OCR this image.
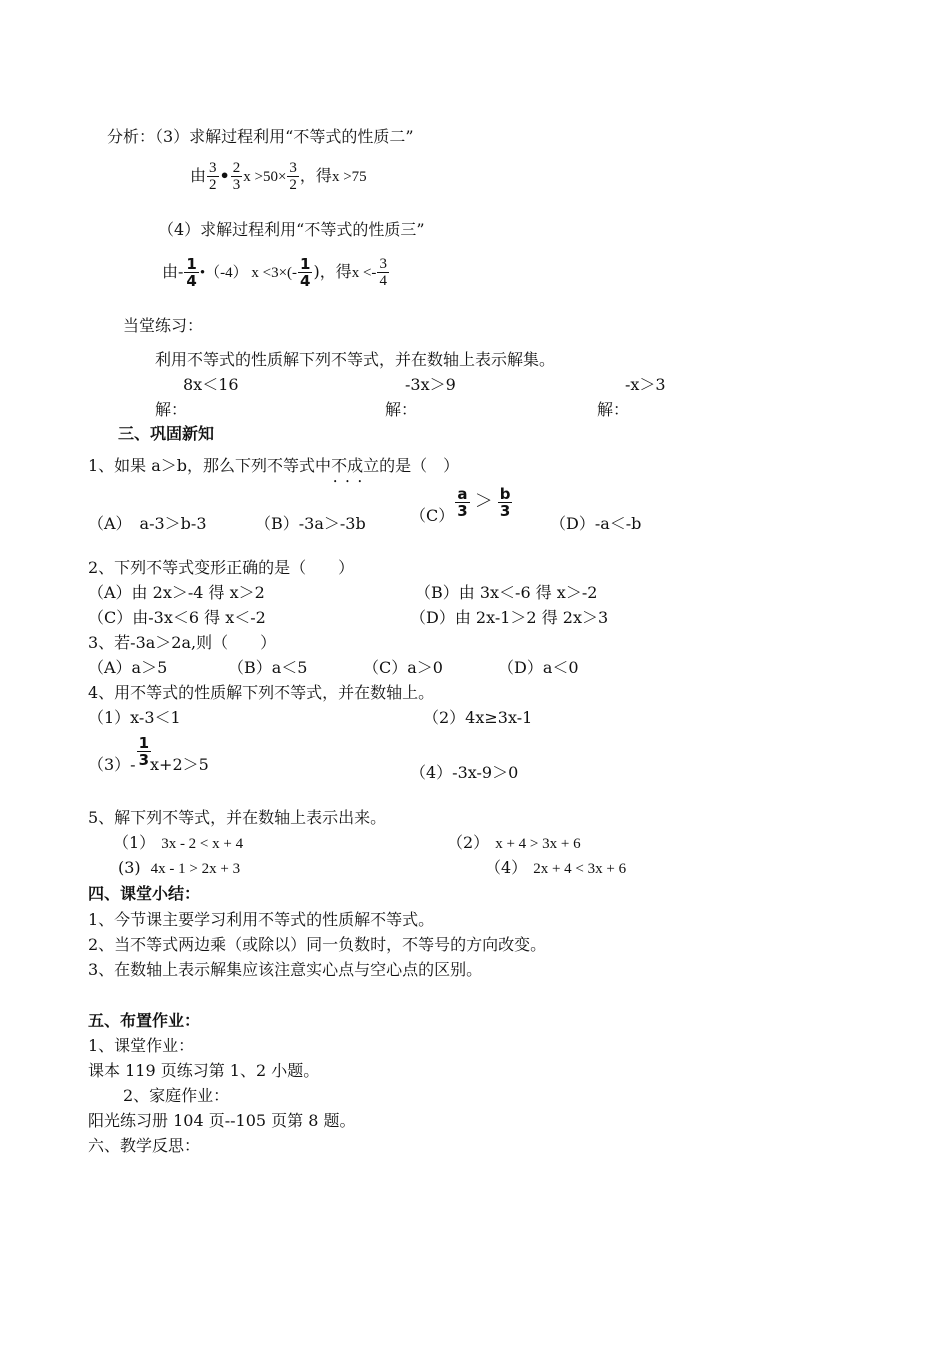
分析：（3）求解过程利用“不等式的性质二”
由 $\frac{3}{2}$ • $\frac{2}{3}$ $x >50\times \frac{3}{2}$ ，得x >75
（4）求解过程利用“不等式的性质三”
由- $\frac{1}{4}$ •（-4） $x <3\times(- \frac{1}{4}$ )，得$x <- \frac{3}{4}$
当堂练习：
利用不等式的性质解下列不等式，并在数轴上表示解集。
8x＜16	-3x＞9	-x＞3
解：	解：	解：
三、巩固新知
1、如果 a＞b，那么下列不等式中不成立 • • •的是（　）
（A）　a-3＞b-3	（B）-3a＞-3b	$(C) \frac{a}{3} > \frac{b}{3}$
（D）-a＜-b
2、下列不等式变形正确的是（　　）
（A）由 2x＞-4 得 x＞2	（B）由 3x＜-6 得 x＞-2
（C）由-3x＜6 得 x＜-2	（D）由 2x-1＞2 得 2x＞3
3、若-3a＞2a,则（　　）
（A）a＞5	（B）a＜5	（C）a＞0	（D）a＜0
4、用不等式的性质解下列不等式，并在数轴上。
（1）x-3＜1	（2）4x≥3x-1
$(3)- \frac{1}{3} x+2>5$	（4）-3x-9＞0
5、解下列不等式，并在数轴上表示出来。
（1） 3x - 2 < x + 4	（2） x + 4 > 3x + 6
(3) 4x - 1 > 2x + 3	（4） 2x + 4 < 3x + 6
四、课堂小结：
1、今节课主要学习利用不等式的性质解不等式。
2、当不等式两边乘（或除以）同一负数时，不等号的方向改变。
3、在数轴上表示解集应该注意实心点与空心点的区别。
五、布置作业：
1、课堂作业：
课本 119 页练习第 1、2 小题。
2、家庭作业：
阳光练习册 104 页--105 页第 8 题。
六、教学反思：
